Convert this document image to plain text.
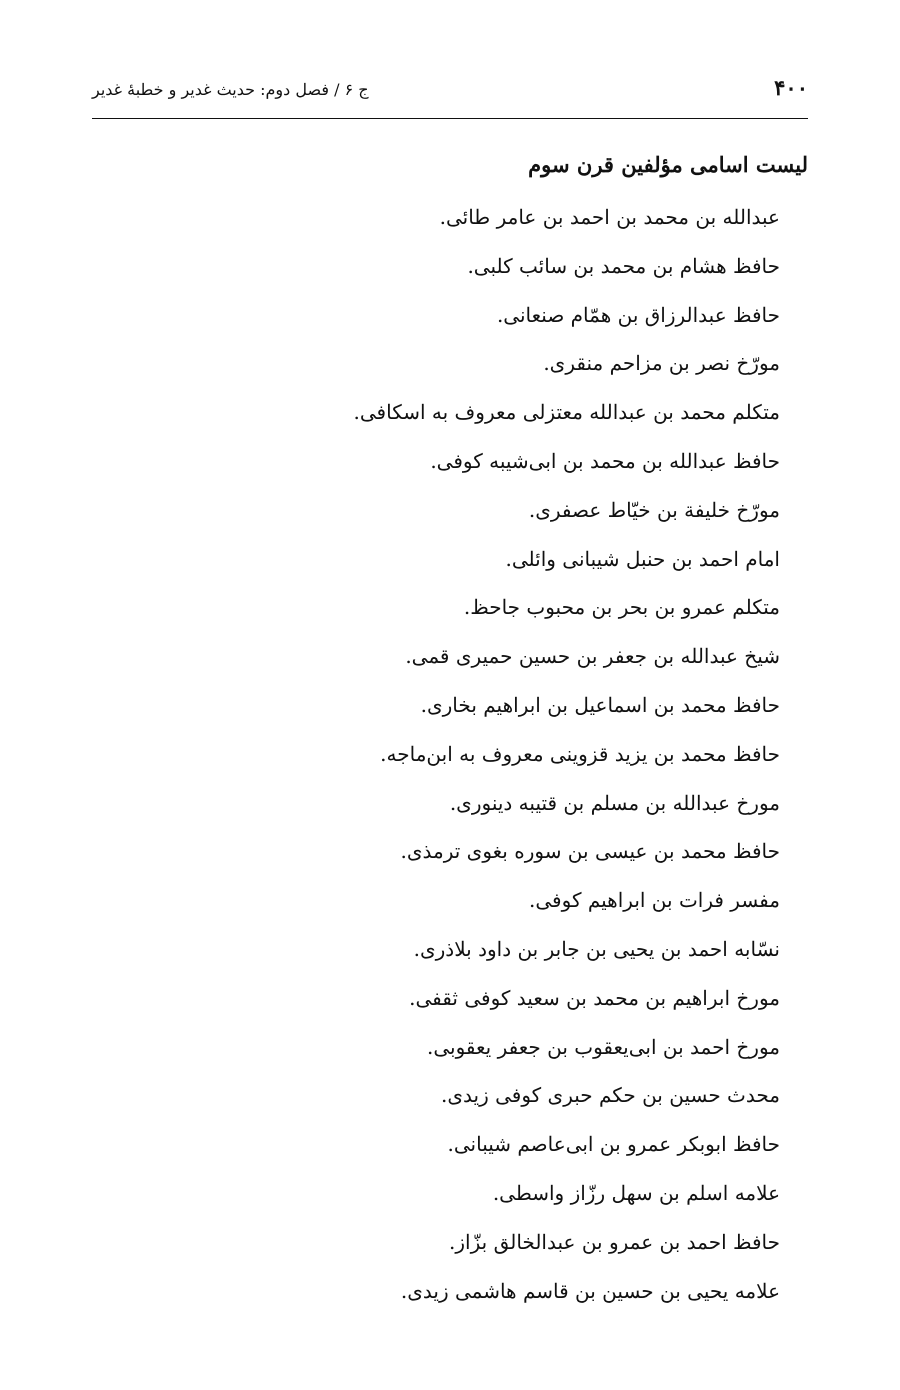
۴۰۰
ج ۶ / فصل دوم: حدیث غدیر و خطبهٔ غدیر
لیست اسامی مؤلفین قرن سوم
عبدالله بن محمد بن احمد بن عامر طائی.
حافظ هشام بن محمد بن سائب کلبی.
حافظ عبدالرزاق بن همّام صنعانی.
مورّخ نصر بن مزاحم منقری.
متکلم محمد بن عبدالله معتزلی معروف به اسکافی.
حافظ عبدالله بن محمد بن ابی‌شیبه کوفی.
مورّخ خلیفة بن خیّاط عصفری.
امام احمد بن حنبل شیبانی وائلی.
متکلم عمرو بن بحر بن محبوب جاحظ.
شیخ عبدالله بن جعفر بن حسین حمیری قمی.
حافظ محمد بن اسماعیل بن ابراهیم بخاری.
حافظ محمد بن یزید قزوینی معروف به ابن‌ماجه.
مورخ عبدالله بن مسلم بن قتیبه دینوری.
حافظ محمد بن عیسی بن سوره بغوی ترمذی.
مفسر فرات بن ابراهیم کوفی.
نسّابه احمد بن یحیی بن جابر بن داود بلاذری.
مورخ ابراهیم بن محمد بن سعید کوفی ثقفی.
مورخ احمد بن ابی‌یعقوب بن جعفر یعقوبی.
محدث حسین بن حکم حبری کوفی زیدی.
حافظ ابوبکر عمرو بن ابی‌عاصم شیبانی.
علامه اسلم بن سهل رزّاز واسطی.
حافظ احمد بن عمرو بن عبدالخالق بزّاز.
علامه یحیی بن حسین بن قاسم هاشمی زیدی.
